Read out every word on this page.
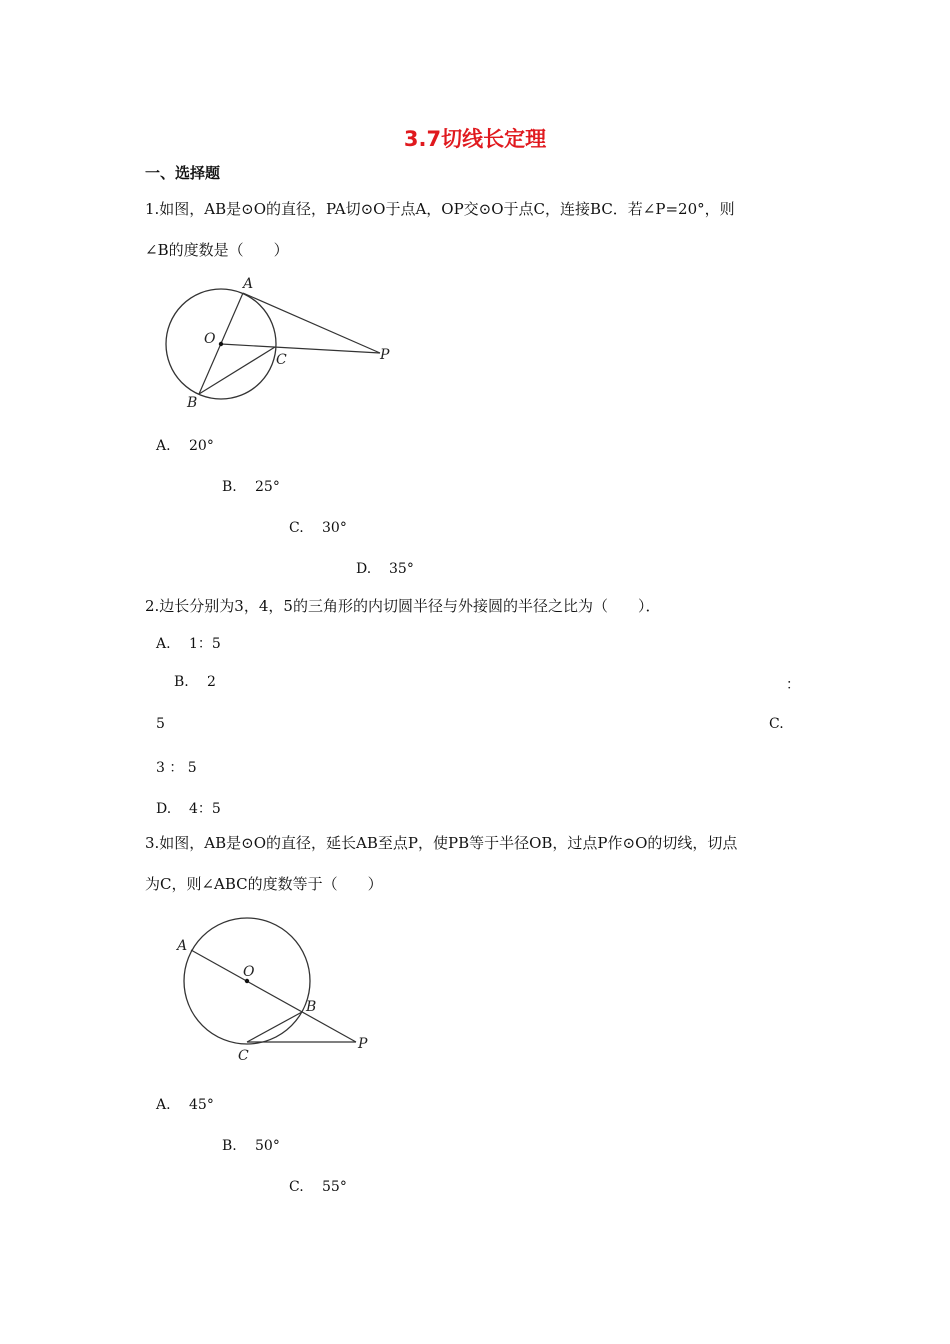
3.7切线长定理
一、选择题
1.如图，AB是⊙O的直径，PA切⊙O于点A，OP交⊙O于点C，连接BC．若∠P=20°，则
∠B的度数是（　　）
A
O
C	P
B
A. 20°
B. 25°
C. 30°
D. 35°
2.边长分别为3，4，5的三角形的内切圆半径与外接圆的半径之比为（　　）．
A. 1：5
B. 2	：
5	C.
3 ： 5
D. 4：5
3.如图，AB是⊙O的直径，延长AB至点P，使PB等于半径OB，过点P作⊙O的切线，切点
为C，则∠ABC的度数等于（　　）
A
O
B
C
P
A. 45°
B. 50°
C. 55°
